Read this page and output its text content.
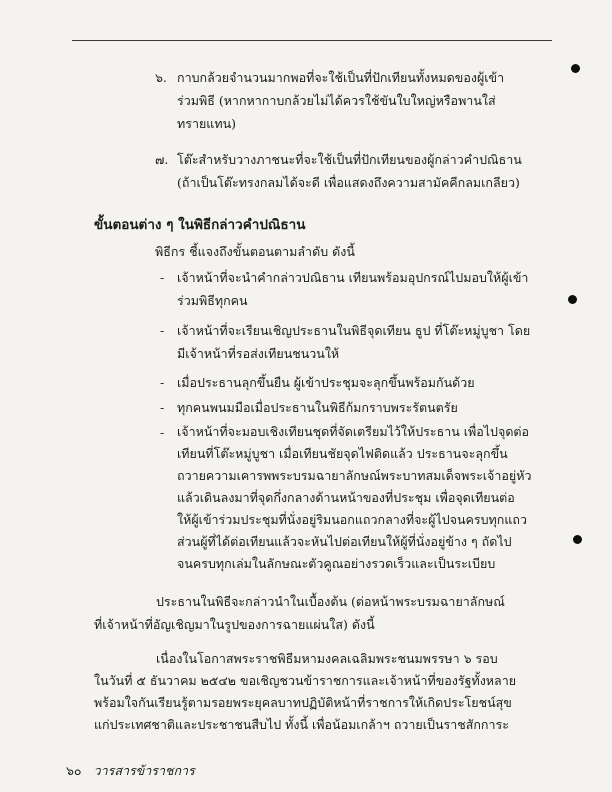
๖. กาบกล้วยจำนวนมากพอที่จะใช้เป็นที่ปักเทียนทั้งหมดของผู้เข้า
ร่วมพิธี (หากหากาบกล้วยไม่ได้ควรใช้ขันใบใหญ่หรือพานใส่
ทรายแทน)
๗. โต๊ะสำหรับวางภาชนะที่จะใช้เป็นที่ปักเทียนของผู้กล่าวคำปณิธาน
(ถ้าเป็นโต๊ะทรงกลมได้จะดี เพื่อแสดงถึงความสามัคคีกลมเกลียว)
ขั้นตอนต่าง ๆ ในพิธีกล่าวคำปณิธาน
พิธีกร ชี้แจงถึงขั้นตอนตามลำดับ ดังนี้
- เจ้าหน้าที่จะนำคำกล่าวปณิธาน เทียนพร้อมอุปกรณ์ไปมอบให้ผู้เข้า
ร่วมพิธีทุกคน
- เจ้าหน้าที่จะเรียนเชิญประธานในพิธีจุดเทียน ธูป ที่โต๊ะหมู่บูชา โดย
มีเจ้าหน้าที่รอส่งเทียนชนวนให้
- เมื่อประธานลุกขึ้นยืน ผู้เข้าประชุมจะลุกขึ้นพร้อมกันด้วย
- ทุกคนพนมมือเมื่อประธานในพิธีก้มกราบพระรัตนตรัย
- เจ้าหน้าที่จะมอบเชิงเทียนชุดที่จัดเตรียมไว้ให้ประธาน เพื่อไปจุดต่อ
เทียนที่โต๊ะหมู่บูชา เมื่อเทียนชัยจุดไฟติดแล้ว ประธานจะลุกขึ้น
ถวายความเคารพพระบรมฉายาลักษณ์พระบาทสมเด็จพระเจ้าอยู่หัว
แล้วเดินลงมาที่จุดกึ่งกลางด้านหน้าของที่ประชุม เพื่อจุดเทียนต่อ
ให้ผู้เข้าร่วมประชุมที่นั่งอยู่ริมนอกแถวกลางที่จะผู้ไปจนครบทุกแถว
ส่วนผู้ที่ได้ต่อเทียนแล้วจะหันไปต่อเทียนให้ผู้ที่นั่งอยู่ข้าง ๆ ถัดไป
จนครบทุกเล่มในลักษณะตัวคูณอย่างรวดเร็วและเป็นระเบียบ
ประธานในพิธีจะกล่าวนำในเบื้องต้น (ต่อหน้าพระบรมฉายาลักษณ์
ที่เจ้าหน้าที่อัญเชิญมาในรูปของการฉายแผ่นใส) ดังนี้
เนื่องในโอกาสพระราชพิธีมหามงคลเฉลิมพระชนมพรรษา ๖ รอบ
ในวันที่ ๕ ธันวาคม ๒๕๔๒ ขอเชิญชวนข้าราชการและเจ้าหน้าที่ของรัฐทั้งหลาย
พร้อมใจกันเรียนรู้ตามรอยพระยุคลบาทปฏิบัติหน้าที่ราชการให้เกิดประโยชน์สุข
แก่ประเทศชาติและประชาชนสืบไป ทั้งนี้ เพื่อน้อมเกล้าฯ ถวายเป็นราชสักการะ
๖๐ วารสารข้าราชการ
